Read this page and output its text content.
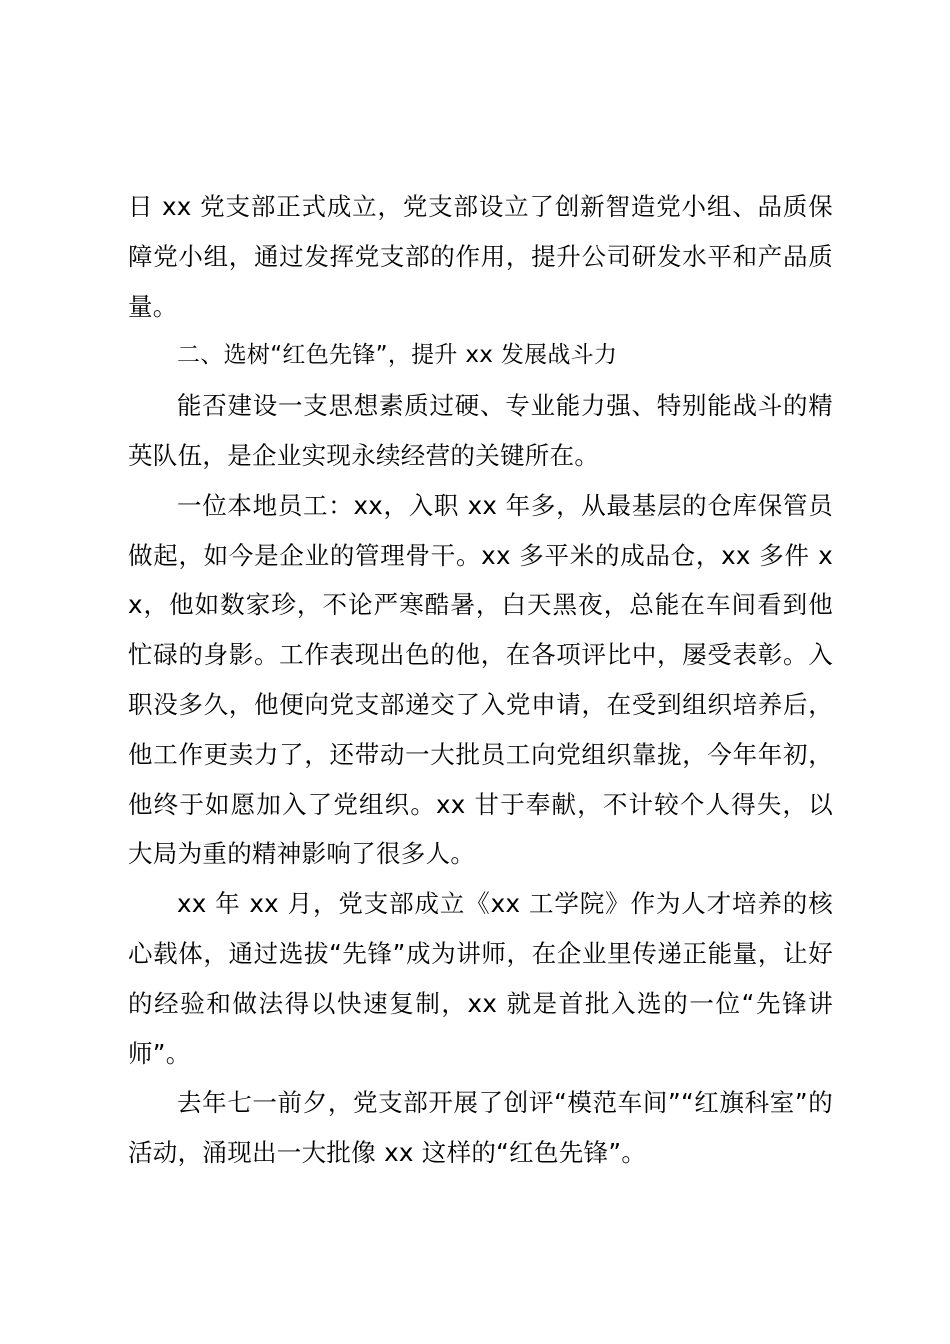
日 xx 党支部正式成立，党支部设立了创新智造党小组、品质保障党小组，通过发挥党支部的作用，提升公司研发水平和产品质量。

二、选树“红色先锋”，提升 xx 发展战斗力

能否建设一支思想素质过硬、专业能力强、特别能战斗的精英队伍，是企业实现永续经营的关键所在。

一位本地员工：xx，入职 xx 年多，从最基层的仓库保管员做起，如今是企业的管理骨干。xx 多平米的成品仓，xx 多件 xx，他如数家珍，不论严寒酷暑，白天黑夜，总能在车间看到他忙碌的身影。工作表现出色的他，在各项评比中，屡受表彰。入职没多久，他便向党支部递交了入党申请，在受到组织培养后，他工作更卖力了，还带动一大批员工向党组织靠拢，今年年初，他终于如愿加入了党组织。xx 甘于奉献，不计较个人得失，以大局为重的精神影响了很多人。

xx 年 xx 月，党支部成立《xx 工学院》作为人才培养的核心载体，通过选拔“先锋”成为讲师，在企业里传递正能量，让好的经验和做法得以快速复制，xx 就是首批入选的一位“先锋讲师”。

去年七一前夕，党支部开展了创评“模范车间”“红旗科室”的活动，涌现出一大批像 xx 这样的“红色先锋”。
